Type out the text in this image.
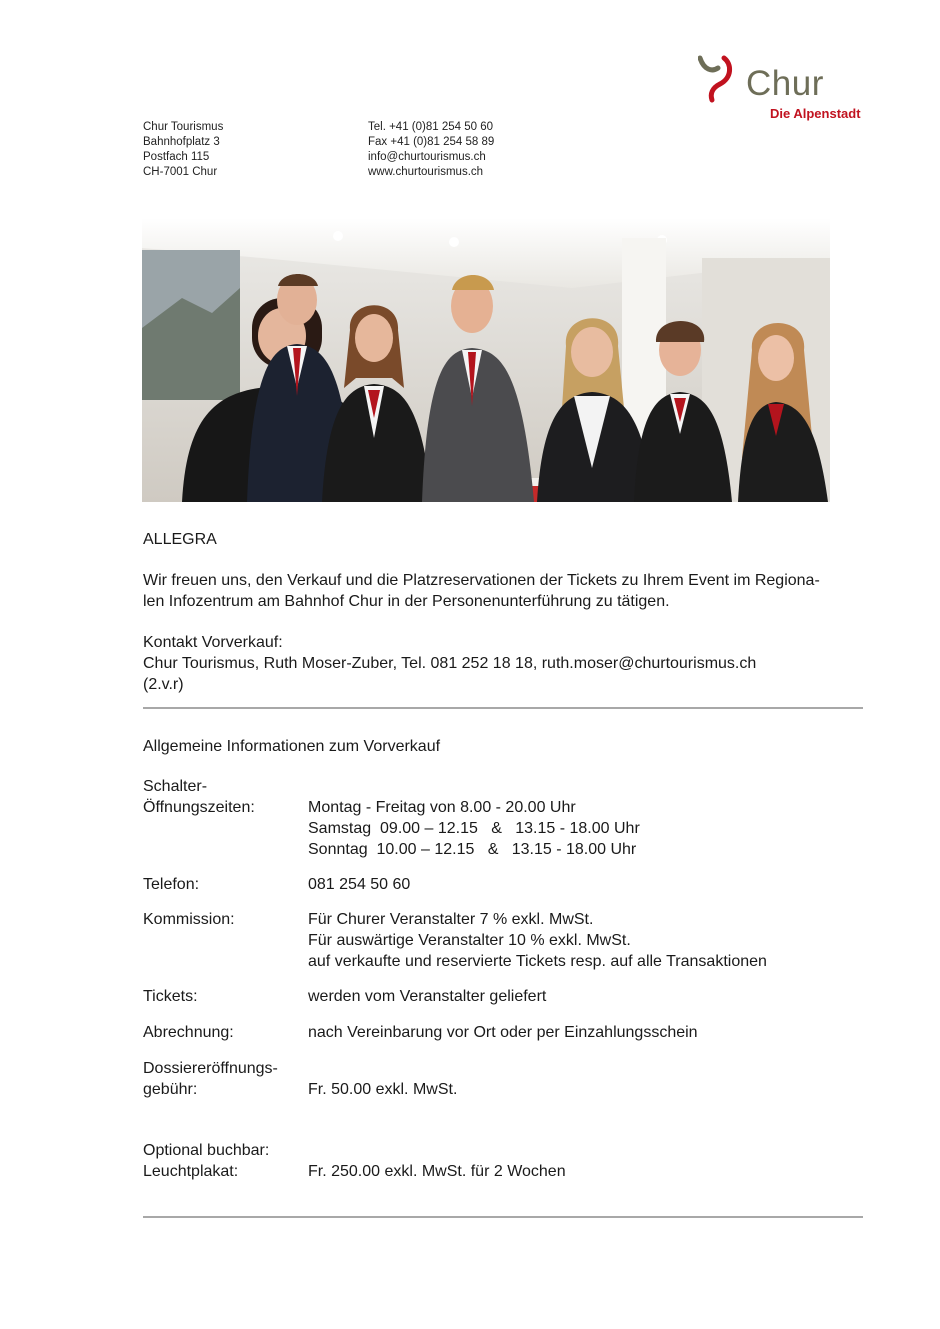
Chur
Die Alpenstadt
Chur Tourismus
Bahnhofplatz 3
Postfach 115
CH-7001 Chur
Tel. +41 (0)81 254 50 60
Fax +41 (0)81 254 58 89
info@churtourismus.ch
www.churtourismus.ch
ALLEGRA
Wir freuen uns, den Verkauf und die Platzreservationen der Tickets zu Ihrem Event im Regiona-
len Infozentrum am Bahnhof Chur in der Personenunterführung zu tätigen.
Kontakt Vorverkauf:
Chur Tourismus, Ruth Moser-Zuber, Tel. 081 252 18 18, ruth.moser@churtourismus.ch
(2.v.r)
Allgemeine Informationen zum Vorverkauf
Schalter-
Öffnungszeiten:
	Montag - Freitag von 8.00 - 20.00 Uhr
Samstag  09.00 – 12.15   &   13.15 - 18.00 Uhr
Sonntag  10.00 – 12.15   &   13.15 - 18.00 Uhr
Telefon:	081 254 50 60
Kommission:	Für Churer Veranstalter 7 % exkl. MwSt.
Für auswärtige Veranstalter 10 % exkl. MwSt.
auf verkaufte und reservierte Tickets resp. auf alle Transaktionen
Tickets:	werden vom Veranstalter geliefert
Abrechnung:	nach Vereinbarung vor Ort oder per Einzahlungsschein
Dossiereröffnungs-
gebühr:
	Fr. 50.00 exkl. MwSt.
Optional buchbar:
Leuchtplakat:
	Fr. 250.00 exkl. MwSt. für 2 Wochen
